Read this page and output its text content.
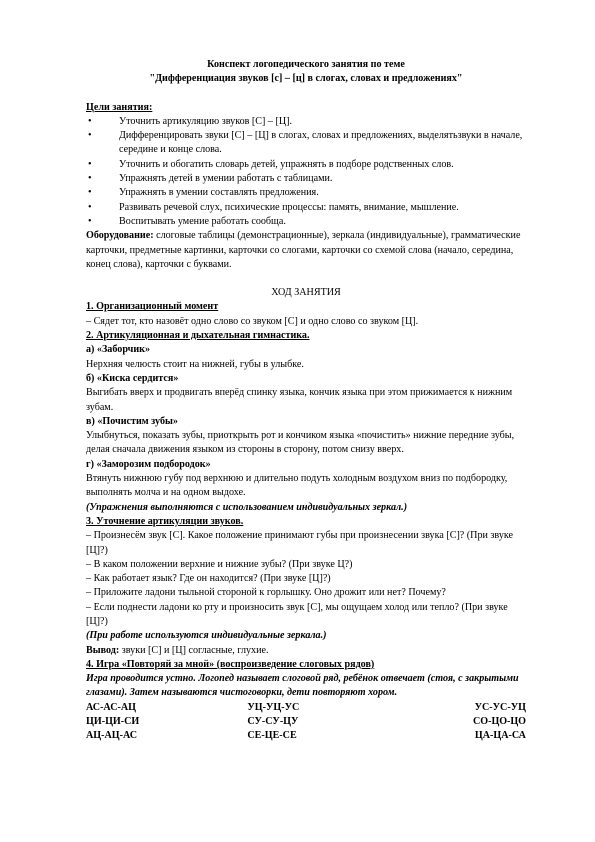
Конспект логопедического занятия по теме
"Дифференциация звуков [с] – [ц] в слогах, словах и предложениях"
Цели занятия:
•	Уточнить артикуляцию звуков [С] – [Ц].
•	Дифференцировать звуки [С] – [Ц] в слогах, словах и предложениях, выделятьзвуки в начале, середине и конце слова.
•	Уточнить и обогатить словарь детей, упражнять в подборе родственных слов.
•	Упражнять детей в умении работать с таблицами.
•	Упражнять в умении составлять предложения.
•	Развивать речевой слух, психические процессы: память, внимание, мышление.
•	Воспитывать умение работать сообща.

Оборудование: слоговые таблицы (демонстрационные), зеркала (индивидуальные), грамматические карточки, предметные картинки, карточки со слогами, карточки со схемой слова (начало, середина, конец слова), карточки с буквами.

ХОД ЗАНЯТИЯ

1. Организационный момент

– Сядет тот, кто назовёт одно слово со звуком [С] и одно слово со звуком [Ц].

2. Артикуляционная и дыхательная гимнастика.

а) «Заборчик»

Нерхняя челюсть стоит на нижней, губы в улыбке.

б) «Киска сердится»

Выгибать вверх и продвигать вперёд спинку языка, кончик языка при этом прижимается к нижним зубам.

в) «Почистим зубы»

Улыбнуться, показать зубы, приоткрыть рот и кончиком языка «почистить» нижние передние зубы, делая сначала движения языком из стороны в сторону, потом снизу вверх.

г) «Заморозим подбородок»

Втянуть нижнюю губу под верхнюю и длительно подуть холодным воздухом вниз по подбородку, выполнять молча и на одном выдохе.

(Упражнения выполняются с использованием индивидуальных зеркал.)

3. Уточнение артикуляции звуков.

– Произнесём звук [С]. Какое положение принимают губы при произнесении звука [С]? (При звуке [Ц]?)

– В каком положении верхние и нижние зубы? (При звуке Ц?)

– Как работает язык? Где он находится? (При звуке [Ц]?)

– Приложите ладони тыльной стороной к горлышку. Оно дрожит или нет? Почему?

– Если поднести ладони ко рту и произносить звук [С], мы ощущаем холод или тепло? (При звуке [Ц]?)

(При работе используются индивидуальные зеркала.)

Вывод: звуки [С] и [Ц] согласные, глухие.

4. Игра «Повторяй за мной» (воспроизведение слоговых рядов)

Игра проводится устно. Логопед называет слоговой ряд, ребёнок отвечает (стоя, с закрытыми глазами). Затем называются чистоговорки, дети повторяют хором.

АС-АС-АЦ	УЦ-УЦ-УС	УС-УС-УЦ
ЦИ-ЦИ-СИ	СУ-СУ-ЦУ	СО-ЦО-ЦО
АЦ-АЦ-АС	СЕ-ЦЕ-СЕ	ЦА-ЦА-СА
